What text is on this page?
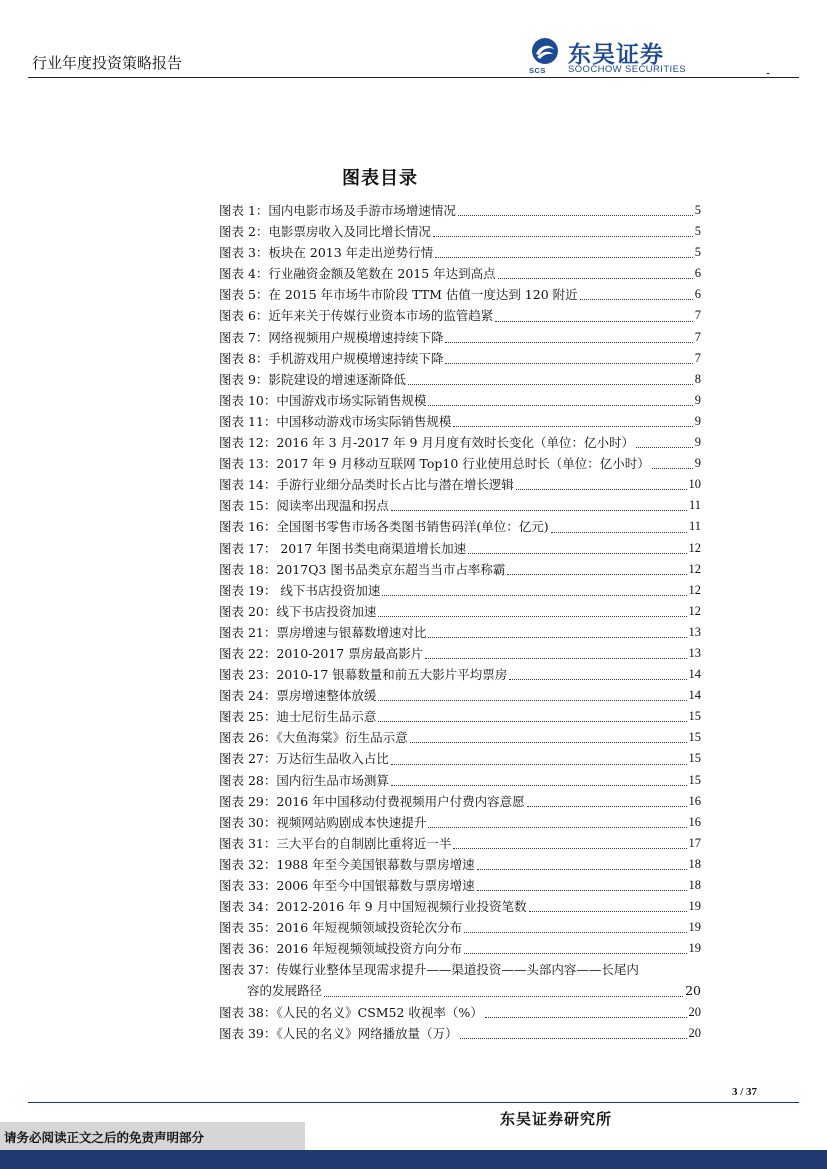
行业年度投资策略报告	SCS
东吴证券
SOOCHOW SECURITIES	-
图表目录
图表 1：国内电影市场及手游市场增速情况	5
图表 2：电影票房收入及同比增长情况	5
图表 3：板块在 2013 年走出逆势行情	5
图表 4：行业融资金额及笔数在 2015 年达到高点	6
图表 5：在 2015 年市场牛市阶段 TTM 估值一度达到 120 附近	6
图表 6：近年来关于传媒行业资本市场的监管趋紧	7
图表 7：网络视频用户规模增速持续下降	7
图表 8：手机游戏用户规模增速持续下降	7
图表 9：影院建设的增速逐渐降低	8
图表 10：中国游戏市场实际销售规模	9
图表 11：中国移动游戏市场实际销售规模	9
图表 12：2016 年 3 月-2017 年 9 月月度有效时长变化（单位：亿小时）	9
图表 13：2017 年 9 月移动互联网 Top10 行业使用总时长（单位：亿小时）	9
图表 14：手游行业细分品类时长占比与潜在增长逻辑	10
图表 15：阅读率出现温和拐点	11
图表 16：全国图书零售市场各类图书销售码洋(单位：亿元)	11
图表 17： 2017 年图书类电商渠道增长加速	12
图表 18：2017Q3 图书品类京东超当当市占率称霸	12
图表 19： 线下书店投资加速	12
图表 20：线下书店投资加速	12
图表 21：票房增速与银幕数增速对比	13
图表 22：2010-2017 票房最高影片	13
图表 23：2010-17 银幕数量和前五大影片平均票房	14
图表 24：票房增速整体放缓	14
图表 25：迪士尼衍生品示意	15
图表 26：《大鱼海棠》衍生品示意	15
图表 27：万达衍生品收入占比	15
图表 28：国内衍生品市场测算	15
图表 29：2016 年中国移动付费视频用户付费内容意愿	16
图表 30：视频网站购剧成本快速提升	16
图表 31：三大平台的自制剧比重将近一半	17
图表 32：1988 年至今美国银幕数与票房增速	18
图表 33：2006 年至今中国银幕数与票房增速	18
图表 34：2012-2016 年 9 月中国短视频行业投资笔数	19
图表 35：2016 年短视频领域投资轮次分布	19
图表 36：2016 年短视频领域投资方向分布	19
图表 37：传媒行业整体呈现需求提升——渠道投资——头部内容——长尾内
容的发展路径	20
图表 38：《人民的名义》CSM52 收视率（%）	20
图表 39：《人民的名义》网络播放量（万）	20
3 / 37
东吴证券研究所
请务必阅读正文之后的免责声明部分
